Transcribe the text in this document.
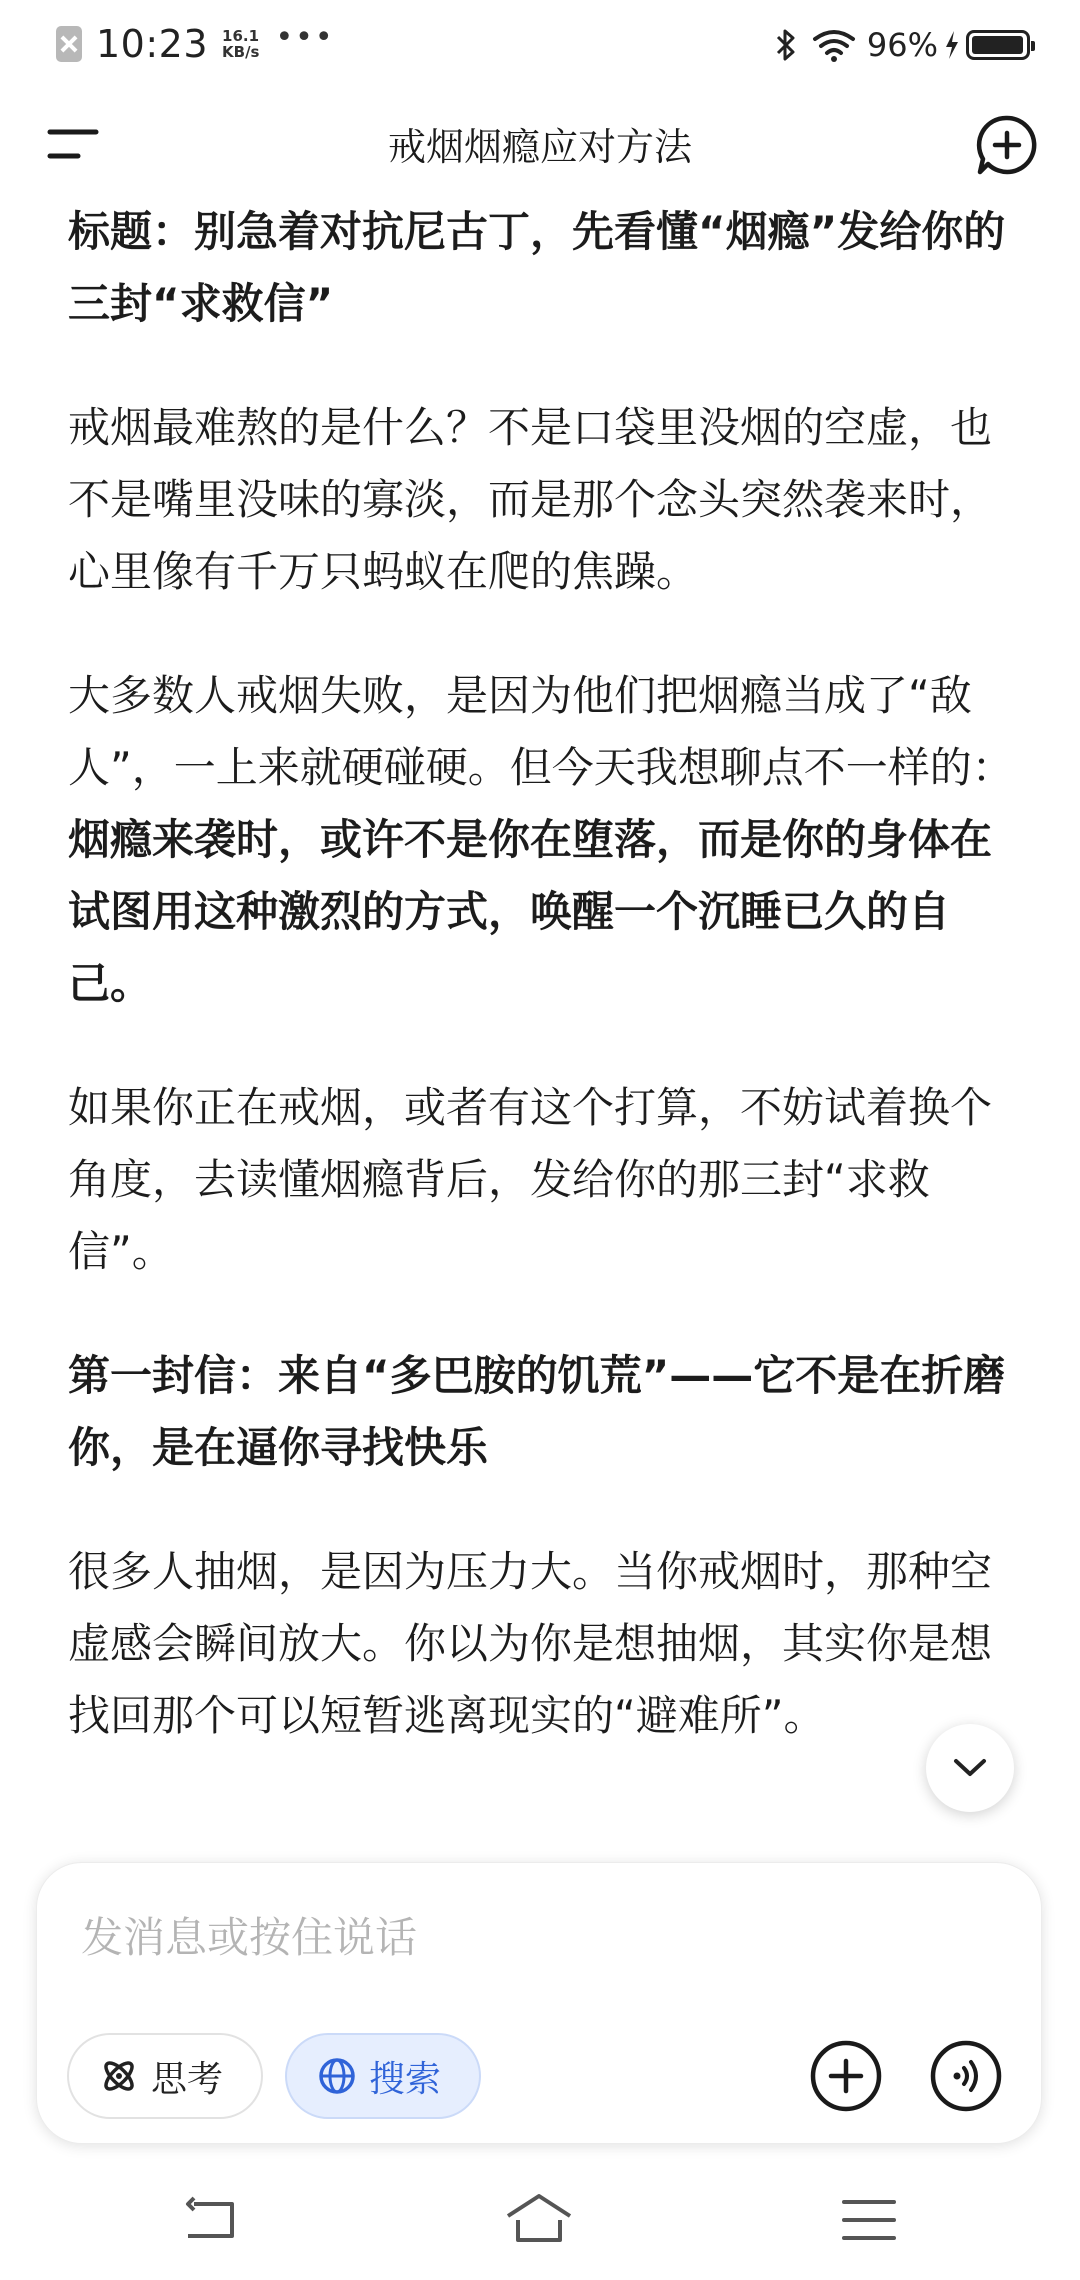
10:23 16.1
KB/s •••	96%
戒烟烟瘾应对方法

标题：别急着对抗尼古丁，先看懂“烟瘾”发给你的三封“求救信”

戒烟最难熬的是什么？不是口袋里没烟的空虚，也不是嘴里没味的寡淡，而是那个念头突然袭来时，心里像有千万只蚂蚁在爬的焦躁。

大多数人戒烟失败，是因为他们把烟瘾当成了“敌人”，一上来就硬碰硬。但今天我想聊点不一样的：烟瘾来袭时，或许不是你在堕落，而是你的身体在试图用这种激烈的方式，唤醒一个沉睡已久的自己。

如果你正在戒烟，或者有这个打算，不妨试着换个角度，去读懂烟瘾背后，发给你的那三封“求救信”。

第一封信：来自“多巴胺的饥荒”——它不是在折磨你，是在逼你寻找快乐

很多人抽烟，是因为压力大。当你戒烟时，那种空虚感会瞬间放大。你以为你是想抽烟，其实你是想找回那个可以短暂逃离现实的“避难所”。

发消息或按住说话
思考	搜索
